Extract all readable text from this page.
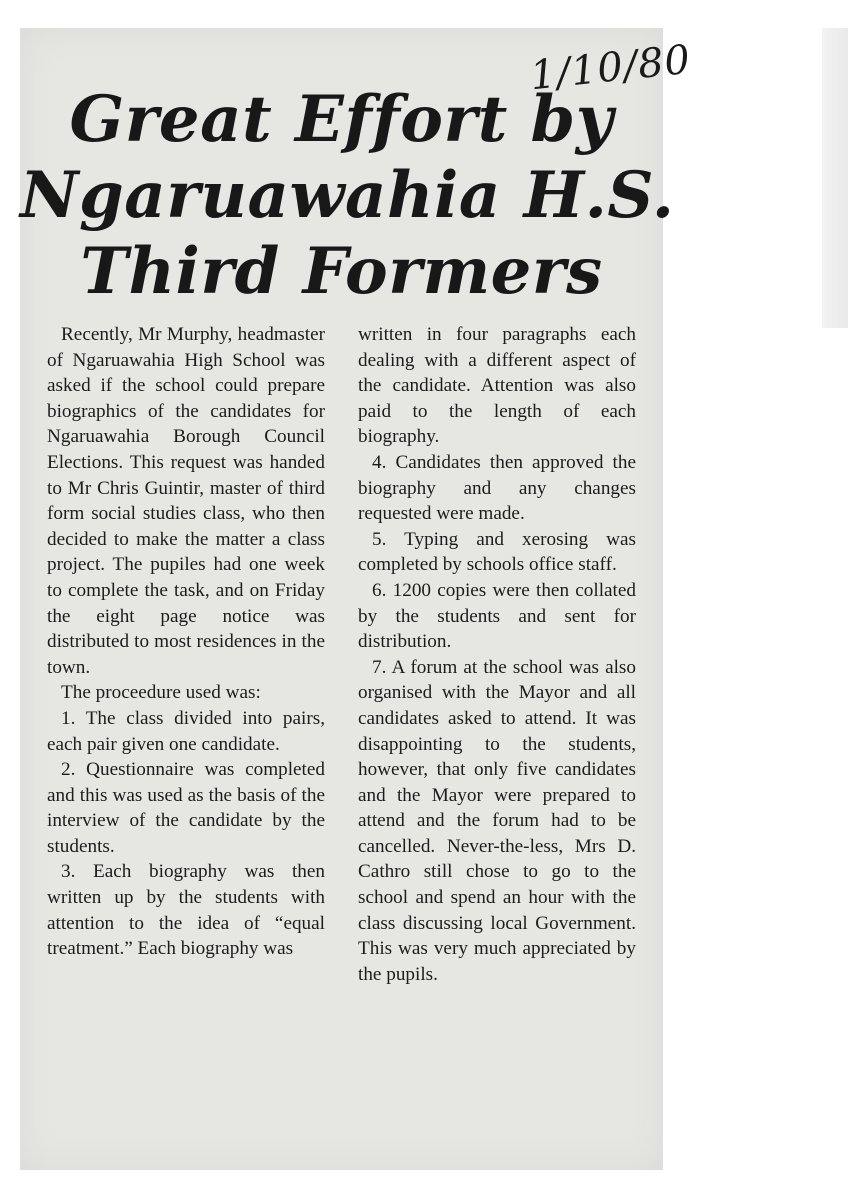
1/10/80
Great Effort by
Ngaruawahia H.S.
Third Formers

Recently, Mr Murphy, headmaster of Ngaruawahia High School was asked if the school could prepare biographics of the candidates for Ngaruawahia Borough Council Elections. This request was handed to Mr Chris Guintir, master of third form social studies class, who then decided to make the matter a class project. The pupiles had one week to complete the task, and on Friday the eight page notice was distributed to most residences in the town.

The proceedure used was:

1. The class divided into pairs, each pair given one candidate.

2. Questionnaire was completed and this was used as the basis of the interview of the candidate by the students.

3. Each biography was then written up by the students with attention to the idea of “equal treatment.” Each biography was

written in four paragraphs each dealing with a different aspect of the candidate. Attention was also paid to the length of each biography.

4. Candidates then approved the biography and any changes requested were made.

5. Typing and xerosing was completed by schools office staff.

6. 1200 copies were then collated by the students and sent for distribution.

7. A forum at the school was also organised with the Mayor and all candidates asked to attend. It was disappointing to the students, however, that only five candidates and the Mayor were prepared to attend and the forum had to be cancelled. Never-the-less, Mrs D. Cathro still chose to go to the school and spend an hour with the class discussing local Government. This was very much appreciated by the pupils.
